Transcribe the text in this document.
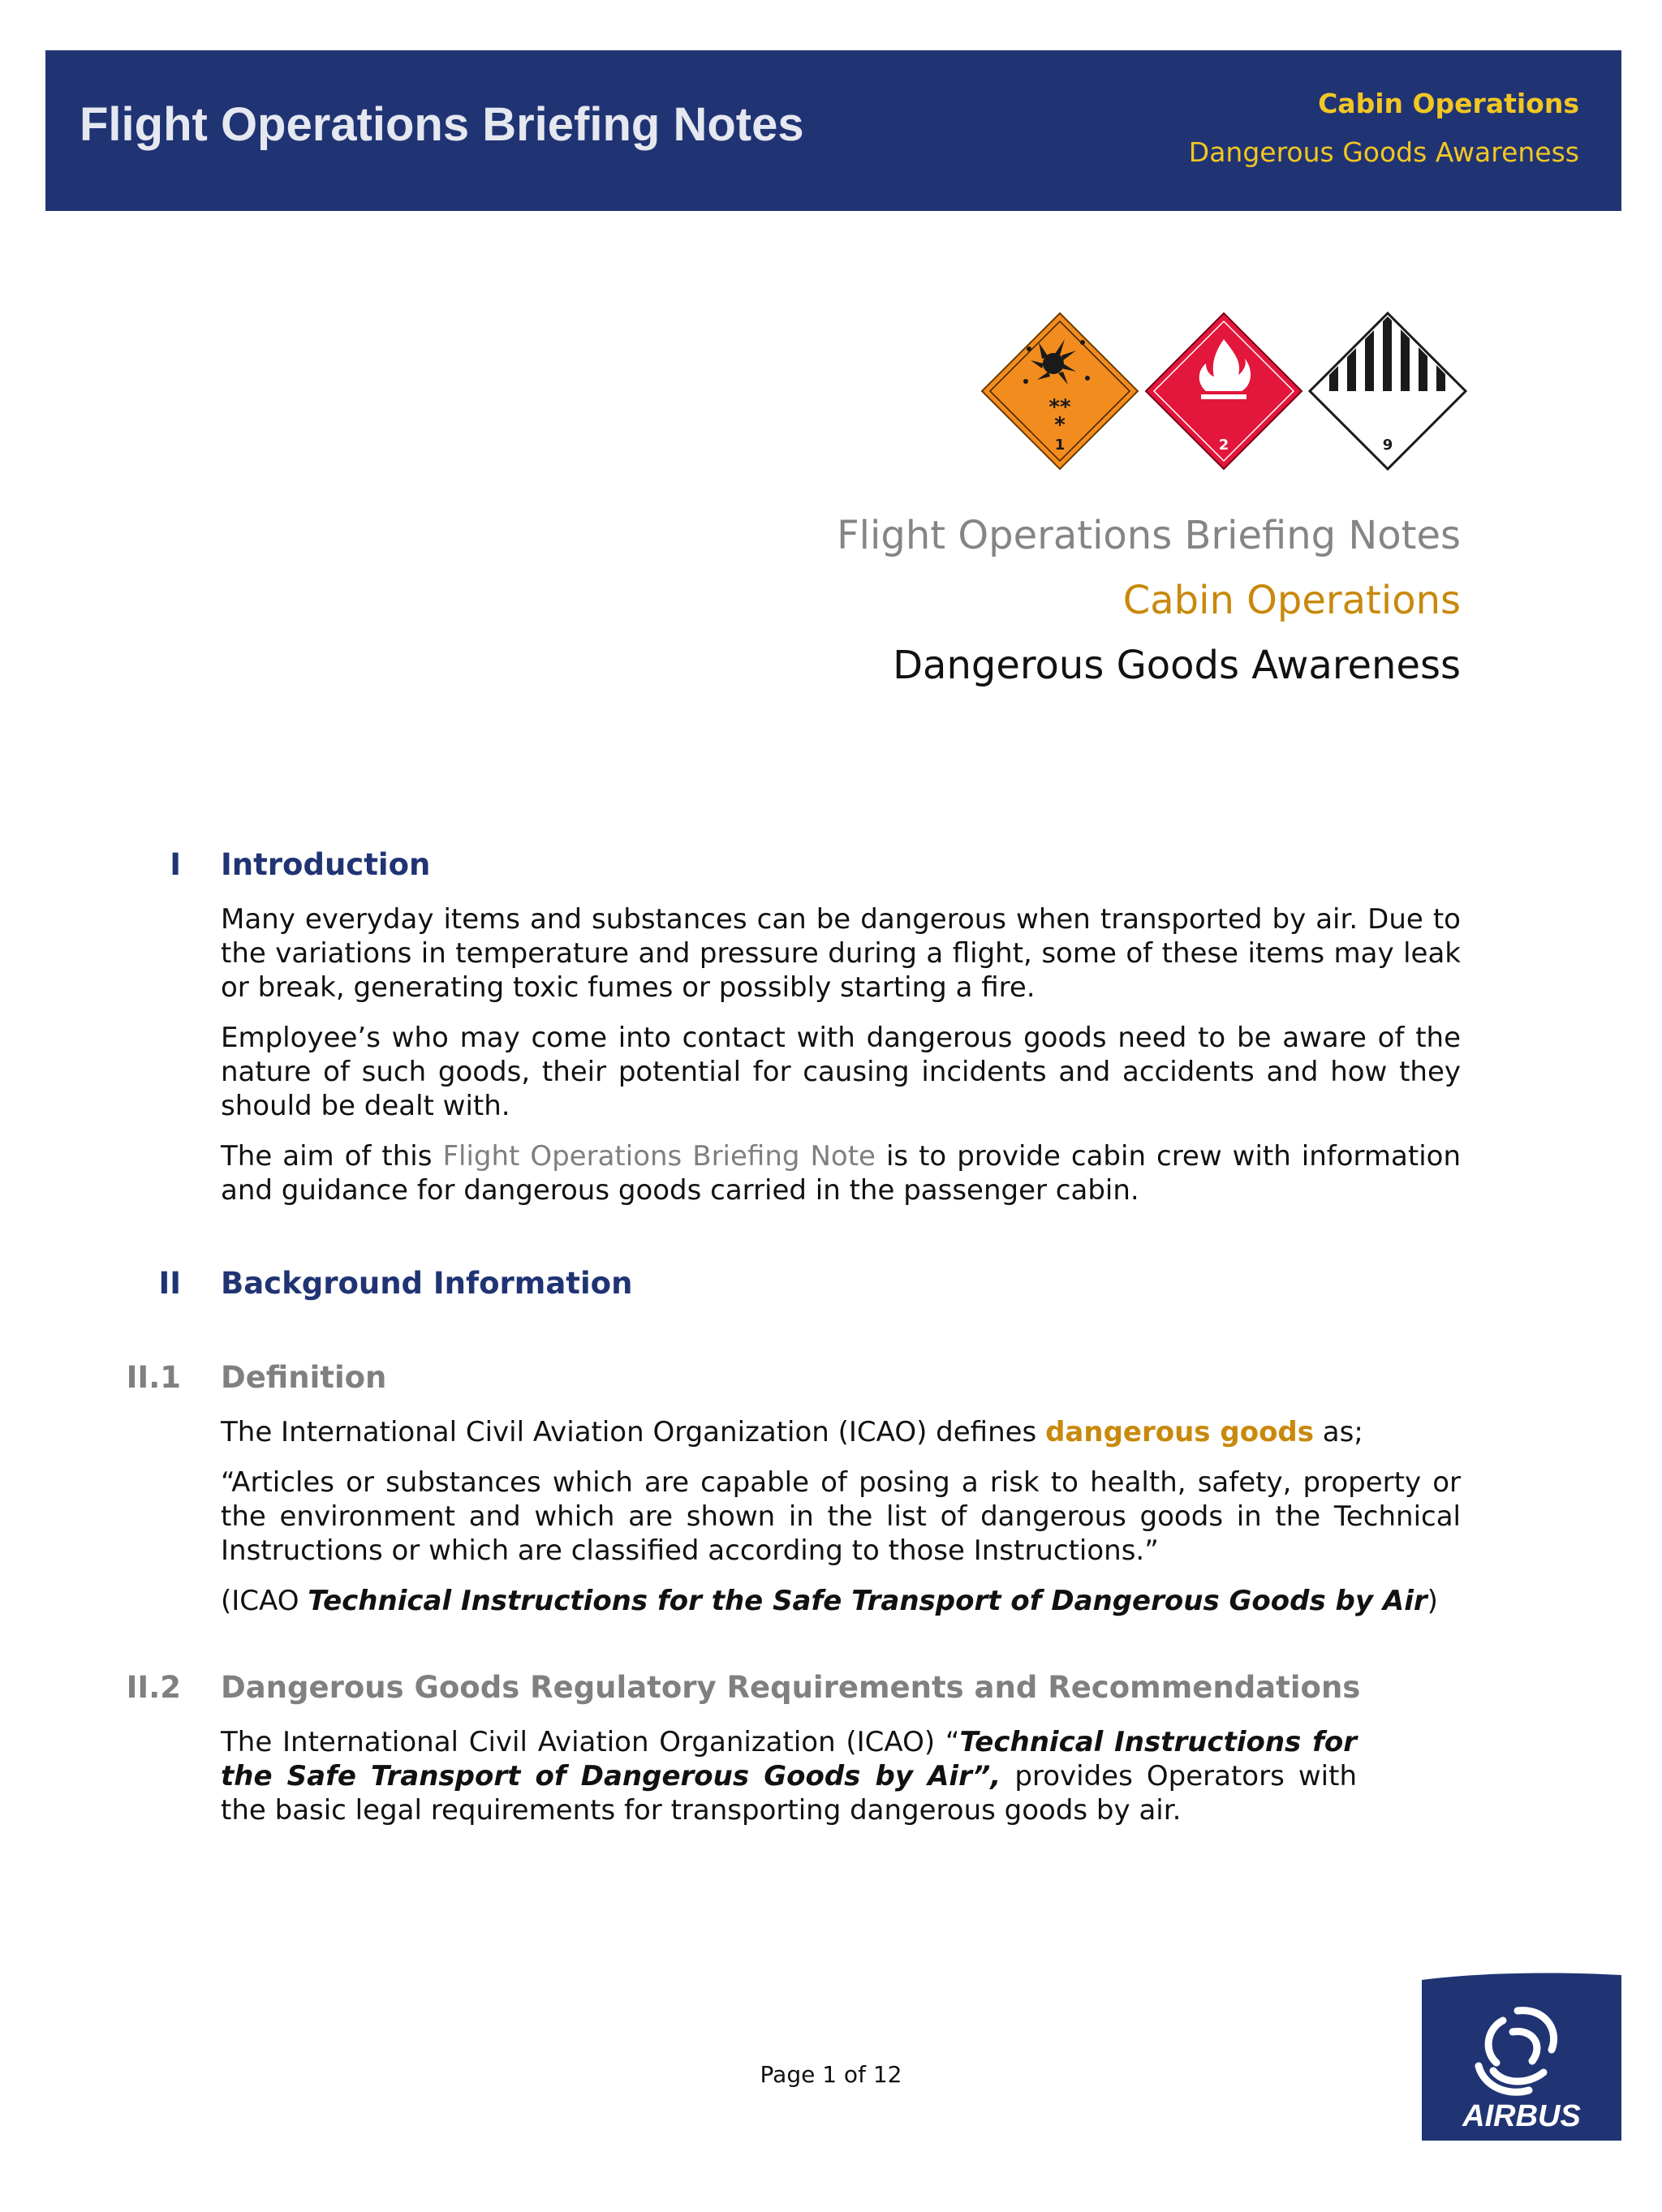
Flight Operations Briefing Notes	Cabin Operations
Dangerous Goods Awareness
**
*
1	2	9
Flight Operations Briefing Notes
Cabin Operations
Dangerous Goods Awareness
I Introduction
Many everyday items and substances can be dangerous when transported by air. Due to the variations in temperature and pressure during a flight, some of these items may leak or break, generating toxic fumes or possibly starting a fire.
Employee’s who may come into contact with dangerous goods need to be aware of the nature of such goods, their potential for causing incidents and accidents and how they should be dealt with.
The aim of this Flight Operations Briefing Note is to provide cabin crew with information and guidance for dangerous goods carried in the passenger cabin.
II Background Information
II.1 Definition
The International Civil Aviation Organization (ICAO) defines dangerous goods as;
“Articles or substances which are capable of posing a risk to health, safety, property or the environment and which are shown in the list of dangerous goods in the Technical Instructions or which are classified according to those Instructions.”
(ICAO Technical Instructions for the Safe Transport of Dangerous Goods by Air)
II.2 Dangerous Goods Regulatory Requirements and Recommendations
The International Civil Aviation Organization (ICAO) “Technical Instructions for the Safe Transport of Dangerous Goods by Air”, provides Operators with the basic legal requirements for transporting dangerous goods by air.
Page 1 of 12
AIRBUS
